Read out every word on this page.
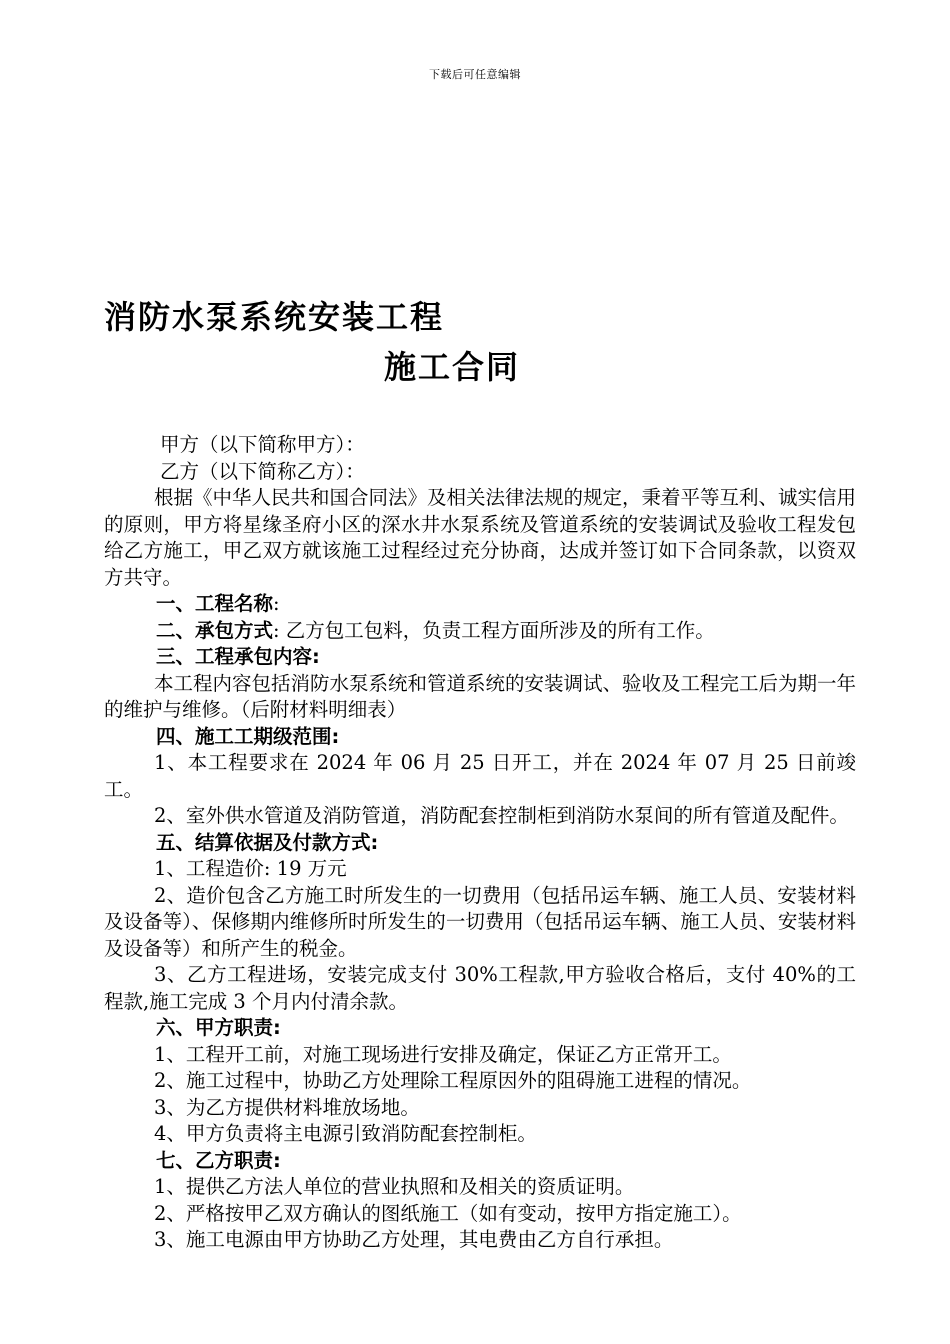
下载后可任意编辑
消防水泵系统安装工程
施工合同

甲方（以下简称甲方）：

乙方（以下简称乙方）：

根据《中华人民共和国合同法》及相关法律法规的规定，秉着平等互利、诚实信用的原则，甲方将星缘圣府小区的深水井水泵系统及管道系统的安装调试及验收工程发包给乙方施工，甲乙双方就该施工过程经过充分协商，达成并签订如下合同条款，以资双方共守。

一、工程名称:

二、承包方式: 乙方包工包料，负责工程方面所涉及的所有工作。

三、工程承包内容:

本工程内容包括消防水泵系统和管道系统的安装调试、验收及工程完工后为期一年的维护与维修。（后附材料明细表）

四、施工工期级范围:

1、本工程要求在 2024 年 06 月 25 日开工，并在 2024 年 07 月 25 日前竣工。

2、室外供水管道及消防管道，消防配套控制柜到消防水泵间的所有管道及配件。

五、结算依据及付款方式:

1、工程造价: 19 万元

2、造价包含乙方施工时所发生的一切费用（包括吊运车辆、施工人员、安装材料及设备等）、保修期内维修所时所发生的一切费用（包括吊运车辆、施工人员、安装材料及设备等）和所产生的税金。

3、乙方工程进场，安装完成支付 30%工程款,甲方验收合格后，支付 40%的工程款,施工完成 3 个月内付清余款。

六、甲方职责:

1、工程开工前，对施工现场进行安排及确定，保证乙方正常开工。

2、施工过程中，协助乙方处理除工程原因外的阻碍施工进程的情况。

3、为乙方提供材料堆放场地。

4、甲方负责将主电源引致消防配套控制柜。

七、乙方职责:

1、提供乙方法人单位的营业执照和及相关的资质证明。

2、严格按甲乙双方确认的图纸施工（如有变动，按甲方指定施工）。

3、施工电源由甲方协助乙方处理，其电费由乙方自行承担。
